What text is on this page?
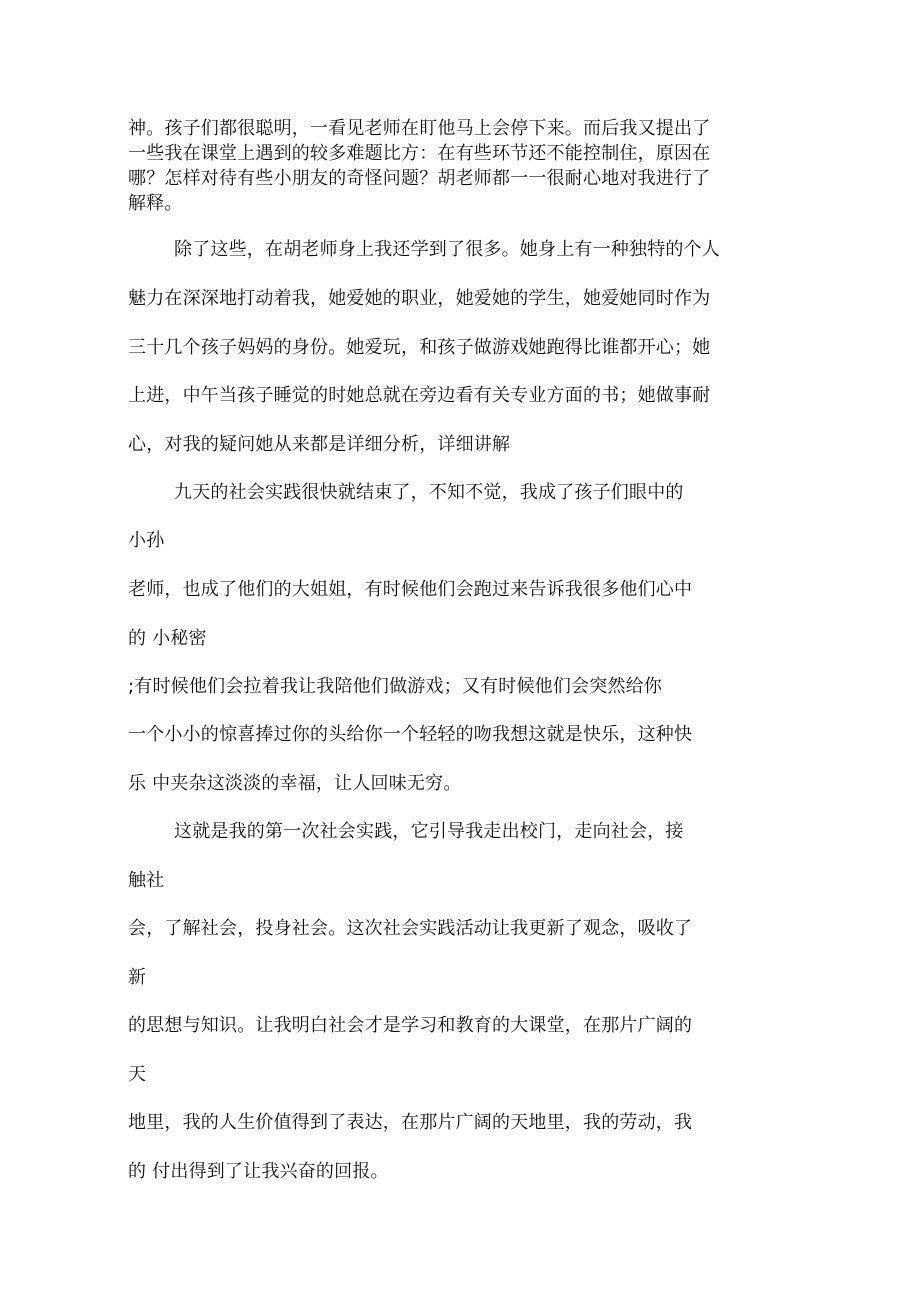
神。孩子们都很聪明，一看见老师在盯他马上会停下来。而后我又提出了
一些我在课堂上遇到的较多难题比方：在有些环节还不能控制住，原因在
哪？怎样对待有些小朋友的奇怪问题？胡老师都一一很耐心地对我进行了
解释。
除了这些，在胡老师身上我还学到了很多。她身上有一种独特的个人
魅力在深深地打动着我，她爱她的职业，她爱她的学生，她爱她同时作为
三十几个孩子妈妈的身份。她爱玩，和孩子做游戏她跑得比谁都开心；她
上进，中午当孩子睡觉的时她总就在旁边看有关专业方面的书；她做事耐
心，对我的疑问她从来都是详细分析，详细讲解
九天的社会实践很快就结束了，不知不觉，我成了孩子们眼中的
小孙
老师，也成了他们的大姐姐，有时候他们会跑过来告诉我很多他们心中
的 小秘密
;有时候他们会拉着我让我陪他们做游戏；又有时候他们会突然给你
一个小小的惊喜捧过你的头给你一个轻轻的吻我想这就是快乐，这种快
乐 中夹杂这淡淡的幸福，让人回味无穷。
这就是我的第一次社会实践，它引导我走出校门，走向社会，接
触社
会，了解社会，投身社会。这次社会实践活动让我更新了观念，吸收了
新
的思想与知识。让我明白社会才是学习和教育的大课堂，在那片广阔的
天
地里，我的人生价值得到了表达，在那片广阔的天地里，我的劳动，我
的 付出得到了让我兴奋的回报。
